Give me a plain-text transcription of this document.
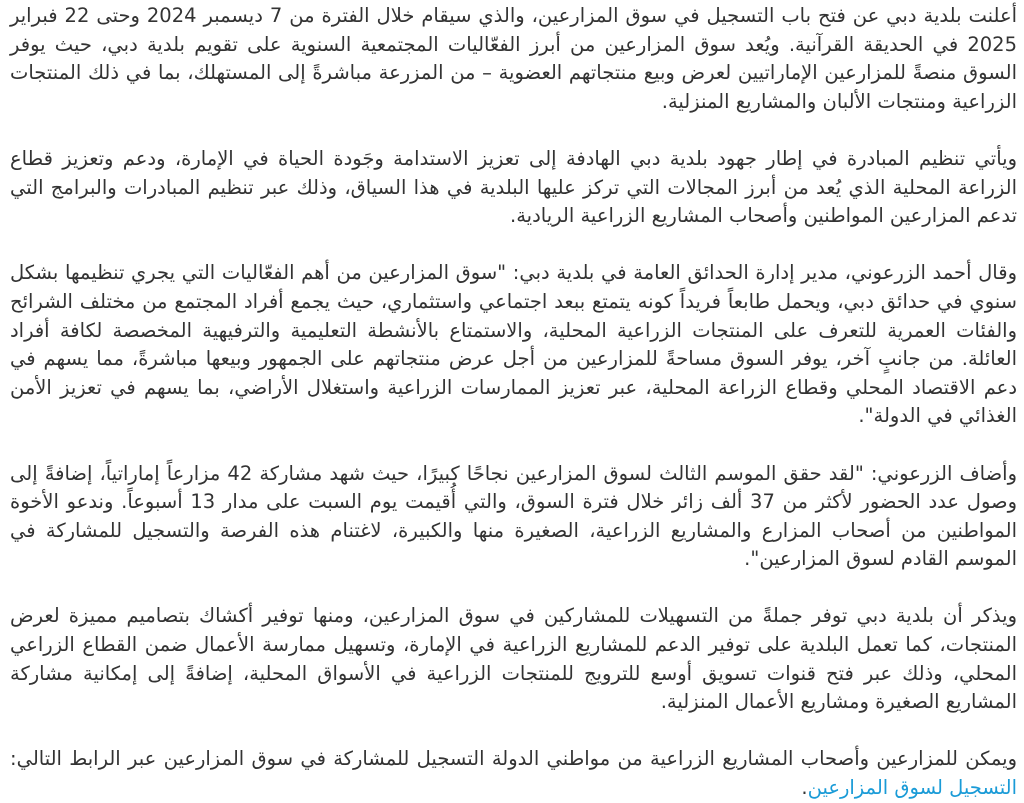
أعلنت بلدية دبي عن فتح باب التسجيل في سوق المزارعين، والذي سيقام خلال الفترة من 7 ديسمبر 2024 وحتى 22 فبراير 2025 في الحديقة القرآنية. ويُعد سوق المزارعين من أبرز الفعّاليات المجتمعية السنوية على تقويم بلدية دبي، حيث يوفر السوق منصةً للمزارعين الإماراتيين لعرض وبيع منتجاتهم العضوية – من المزرعة مباشرةً إلى المستهلك، بما في ذلك المنتجات الزراعية ومنتجات الألبان والمشاريع المنزلية.

ويأتي تنظيم المبادرة في إطار جهود بلدية دبي الهادفة إلى تعزيز الاستدامة وجَودة الحياة في الإمارة، ودعم وتعزيز قطاع الزراعة المحلية الذي يُعد من أبرز المجالات التي تركز عليها البلدية في هذا السياق، وذلك عبر تنظيم المبادرات والبرامج التي تدعم المزارعين المواطنين وأصحاب المشاريع الزراعية الريادية.

وقال أحمد الزرعوني، مدير إدارة الحدائق العامة في بلدية دبي: "سوق المزارعين من أهم الفعّاليات التي يجري تنظيمها بشكل سنوي في حدائق دبي، ويحمل طابعاً فريداً كونه يتمتع ببعد اجتماعي واستثماري، حيث يجمع أفراد المجتمع من مختلف الشرائح والفئات العمرية للتعرف على المنتجات الزراعية المحلية، والاستمتاع بالأنشطة التعليمية والترفيهية المخصصة لكافة أفراد العائلة. من جانبٍ آخر، يوفر السوق مساحةً للمزارعين من أجل عرض منتجاتهم على الجمهور وبيعها مباشرةً، مما يسهم في دعم الاقتصاد المحلي وقطاع الزراعة المحلية، عبر تعزيز الممارسات الزراعية واستغلال الأراضي، بما يسهم في تعزيز الأمن الغذائي في الدولة".

وأضاف الزرعوني: "لقد حقق الموسم الثالث لسوق المزارعين نجاحًا كبيرًا، حيث شهد مشاركة 42 مزارعاً إماراتياً، إضافةً إلى وصول عدد الحضور لأكثر من 37 ألف زائر خلال فترة السوق، والتي أُقيمت يوم السبت على مدار 13 أسبوعاً. وندعو الأخوة المواطنين من أصحاب المزارع والمشاريع الزراعية، الصغيرة منها والكبيرة، لاغتنام هذه الفرصة والتسجيل للمشاركة في الموسم القادم لسوق المزارعين".

ويذكر أن بلدية دبي توفر جملةً من التسهيلات للمشاركين في سوق المزارعين، ومنها توفير أكشاك بتصاميم مميزة لعرض المنتجات، كما تعمل البلدية على توفير الدعم للمشاريع الزراعية في الإمارة، وتسهيل ممارسة الأعمال ضمن القطاع الزراعي المحلي، وذلك عبر فتح قنوات تسويق أوسع للترويج للمنتجات الزراعية في الأسواق المحلية، إضافةً إلى إمكانية مشاركة المشاريع الصغيرة ومشاريع الأعمال المنزلية.

ويمكن للمزارعين وأصحاب المشاريع الزراعية من مواطني الدولة التسجيل للمشاركة في سوق المزارعين عبر الرابط التالي: التسجيل لسوق المزارعين.
